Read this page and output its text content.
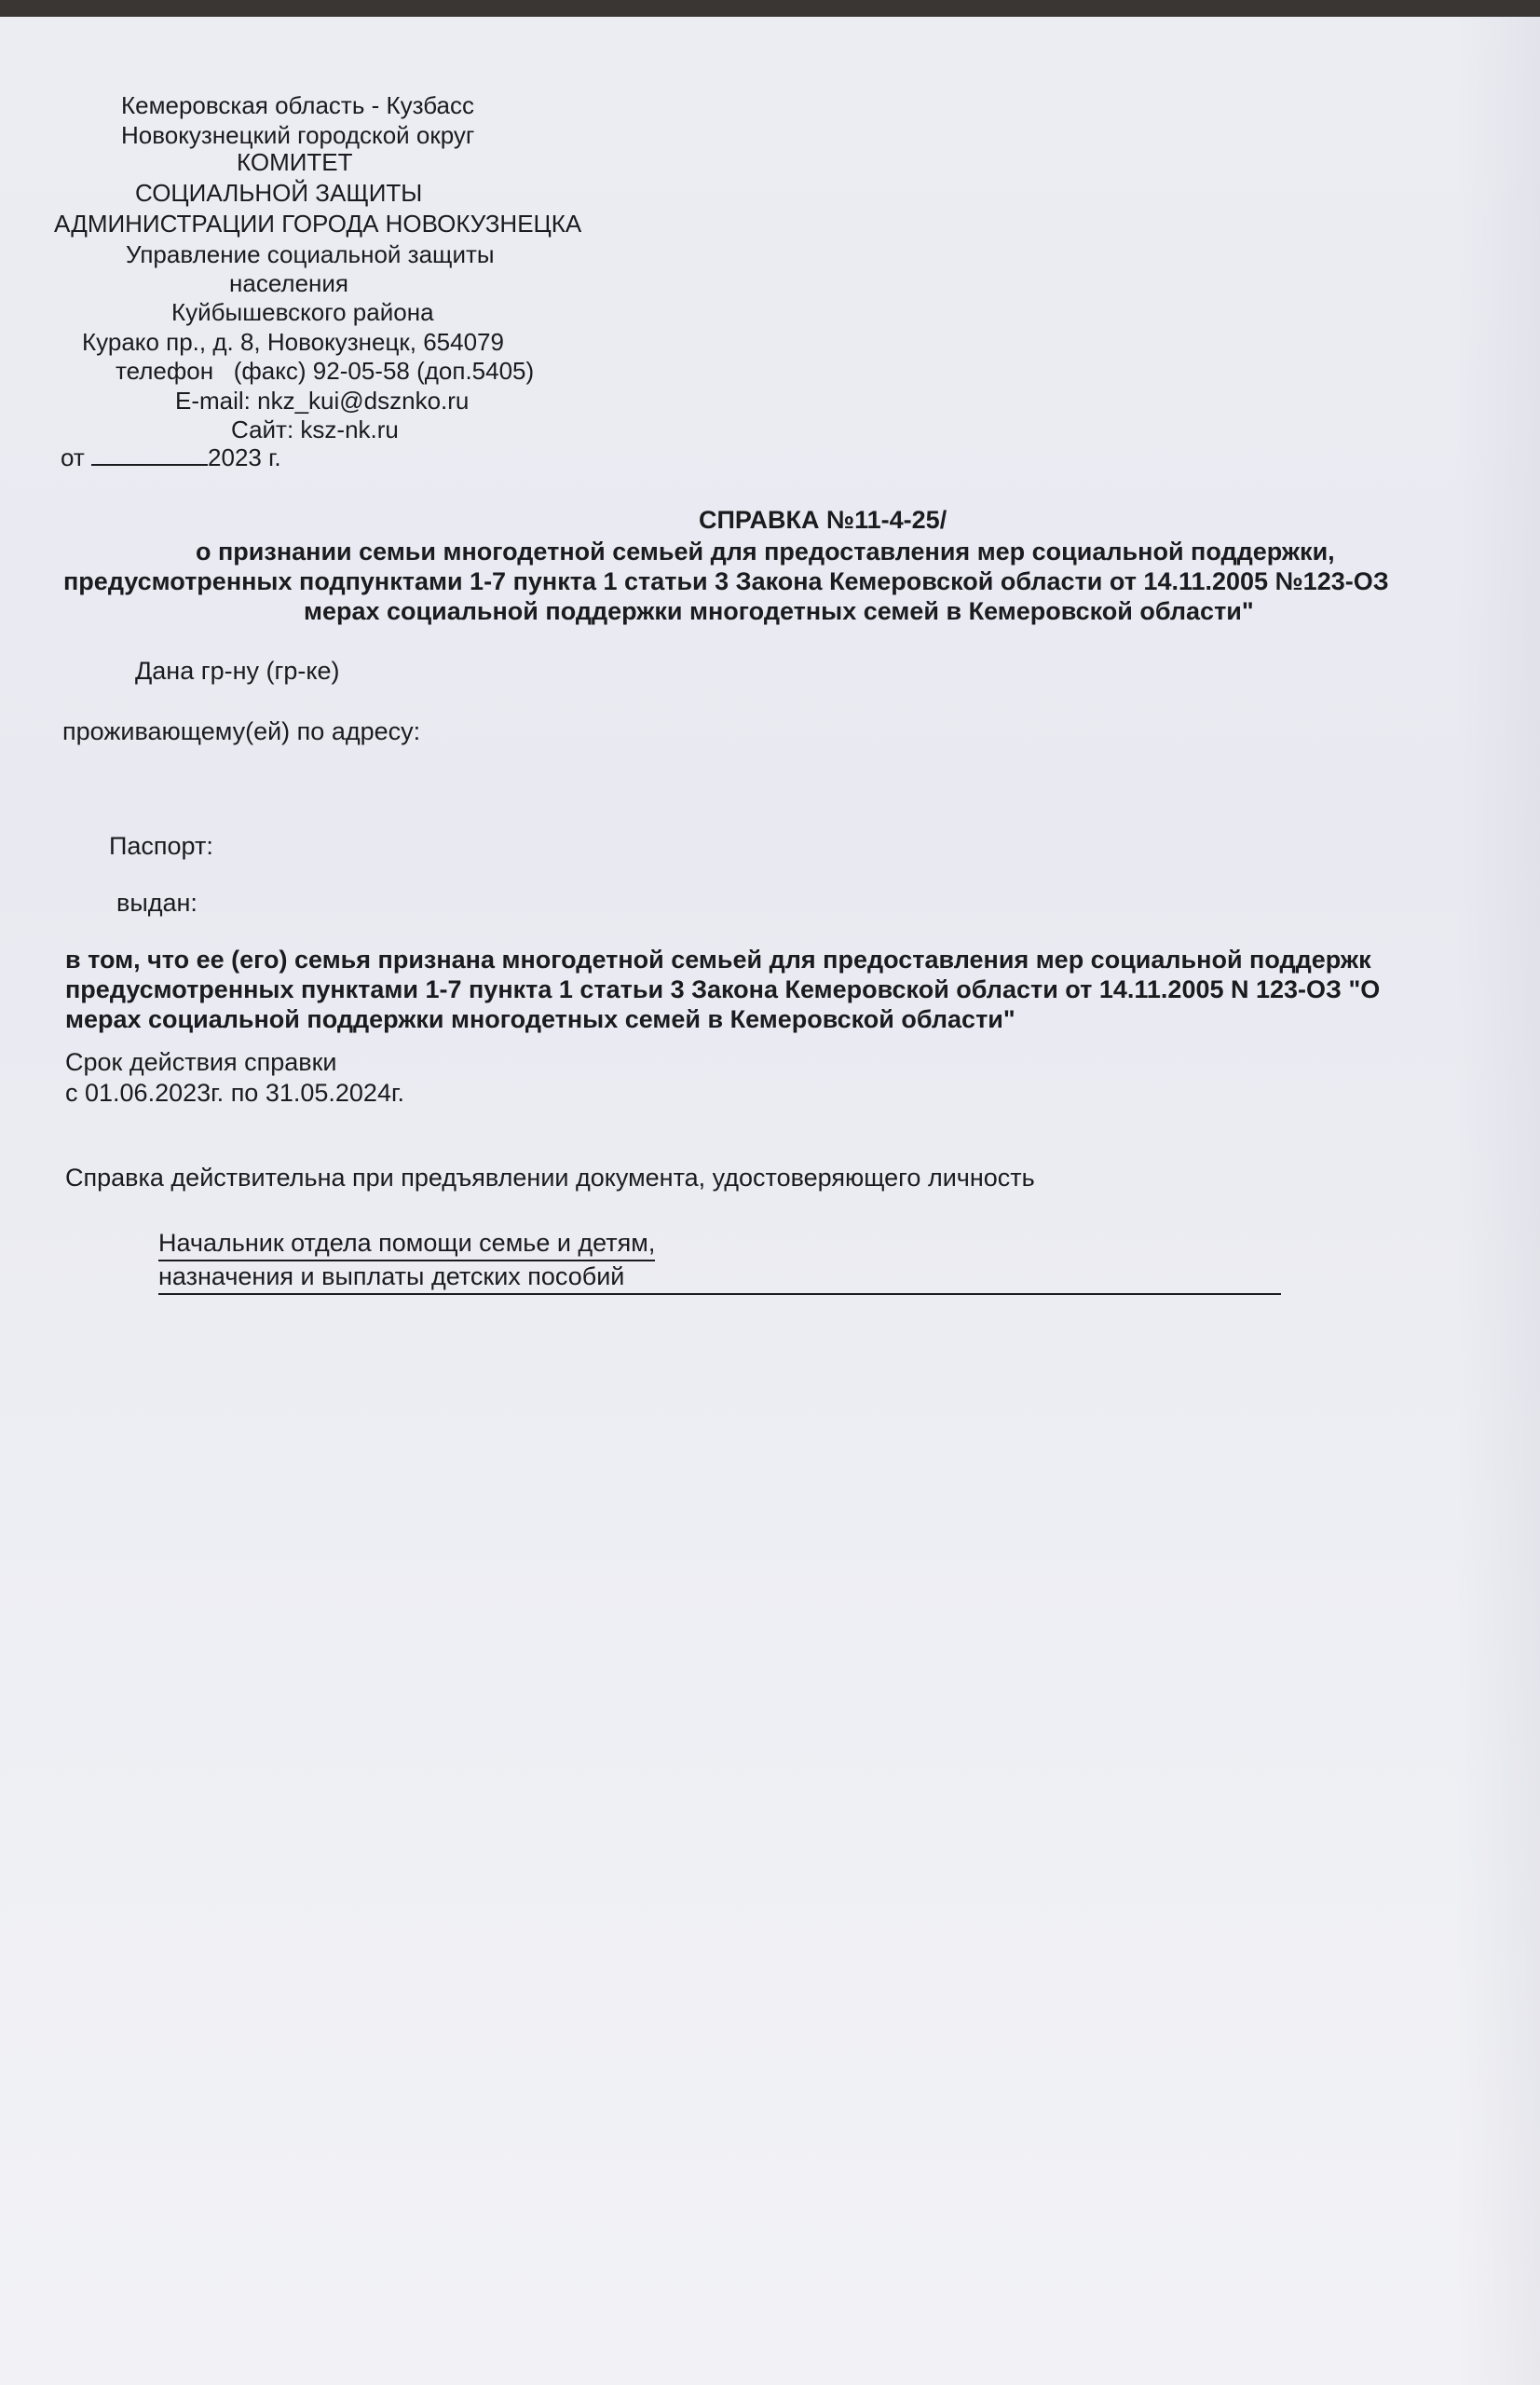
Кемеровская область - Кузбасс
Новокузнецкий городской округ
КОМИТЕТ
СОЦИАЛЬНОЙ ЗАЩИТЫ
АДМИНИСТРАЦИИ ГОРОДА НОВОКУЗНЕЦКА
Управление социальной защиты
населения
Куйбышевского района
Курако пр., д. 8, Новокузнецк, 654079
телефон   (факс) 92-05-58 (доп.5405)
E-mail: nkz_kui@dsznko.ru
Сайт: ksz-nk.ru
от	2023 г.
СПРАВКА №11-4-25/
о признании семьи многодетной семьей для предоставления мер социальной поддержки,
предусмотренных подпунктами 1-7 пункта 1 статьи 3 Закона Кемеровской области от 14.11.2005 №123-ОЗ
мерах социальной поддержки многодетных семей в Кемеровской области"
Дана гр-ну (гр-ке)
проживающему(ей) по адресу:
Паспорт:
выдан:
в том, что ее (его) семья признана многодетной семьей для предоставления мер социальной поддержк
предусмотренных пунктами 1-7 пункта 1 статьи 3 Закона Кемеровской области от 14.11.2005 N 123-ОЗ "О
мерах социальной поддержки многодетных семей в Кемеровской области"
Срок действия справки
с 01.06.2023г. по 31.05.2024г.
Справка действительна при предъявлении документа, удостоверяющего личность
Начальник отдела помощи семье и детям,
назначения и выплаты детских пособий
